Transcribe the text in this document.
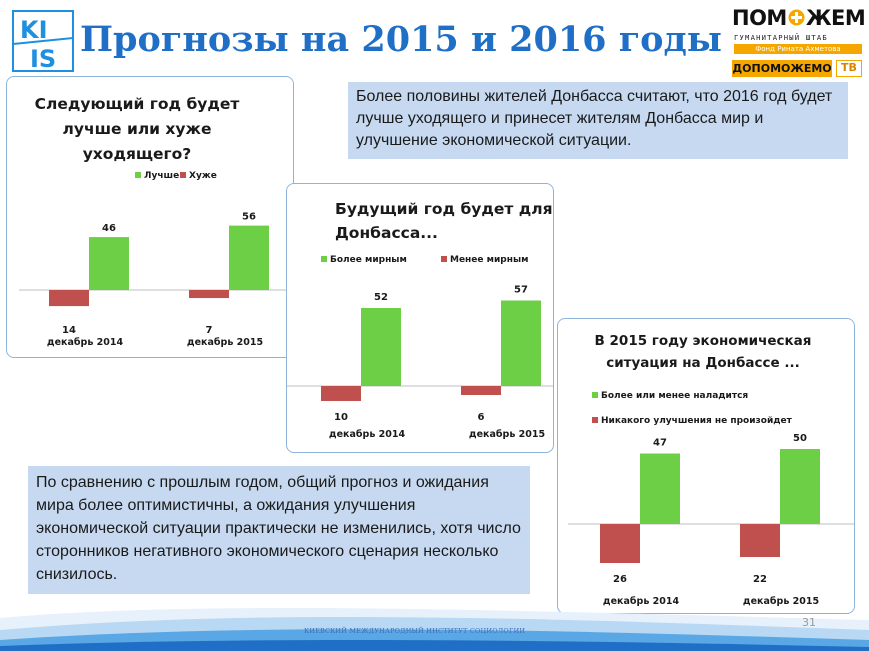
KI
IS Прогнозы на 2015 и 2016 годы
ПОМ ЖЕМ
ГУМАНИТАРНЫЙ ШТАБ
Фонд Рината Ахметова
ДОПОМОЖЕМО ТВ
Следующий год будет
лучше или хуже
уходящего?
Лучше Хуже
46
14
декабрь 2014
56
7
декабрь 2015
Будущий год будет для
Донбасса...
Более мирным	Менее мирным
52
10
декабрь 2014
57
6
декабрь 2015
В 2015 году экономическая
ситуация на Донбассе ...
Более или менее наладится
Никакого улучшения не произойдет
47
26
декабрь 2014
50
22
декабрь 2015
Более половины жителей Донбасса считают, что 2016 год будет лучше уходящего и принесет жителям Донбасса мир и улучшение экономической ситуации.
По сравнению с прошлым годом, общий прогноз и ожидания мира более оптимистичны, а ожидания улучшения экономической ситуации практически не изменились, хотя число сторонников негативного экономического сценария несколько снизилось.
КИЕВСКИЙ МЕЖДУНАРОДНЫЙ ИНСТИТУТ СОЦИОЛОГИИ
31
